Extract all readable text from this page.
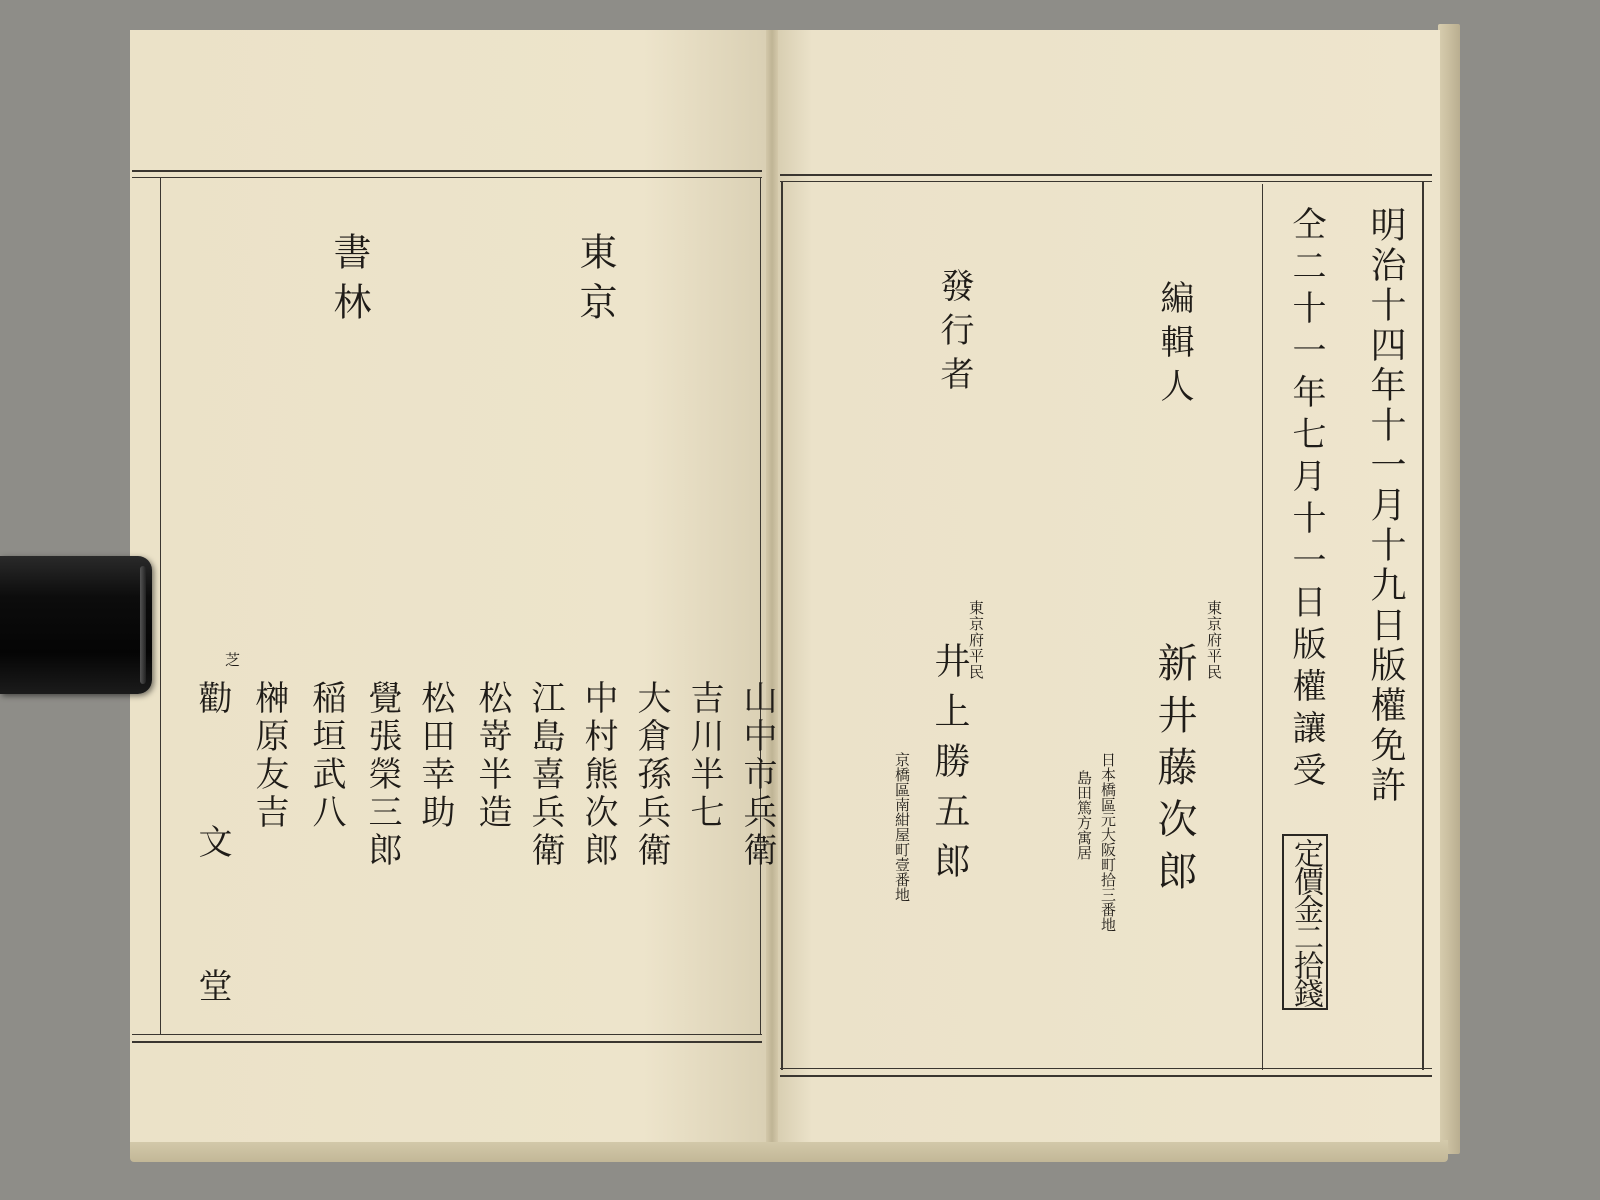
東京
書林
山中市兵衛
吉川半七
大倉孫兵衛
中村熊次郎
江島喜兵衛
松嵜半造
松田幸助
覺張榮三郎
稲垣武八
榊原友吉
芝
勸文堂
明治十四年十一月十九日版權免許
仝二十一年七月十一日版權讓受
定價金二拾錢
編輯人
東京府平民
新井藤次郎
日本橋區元大阪町拾三番地
島田篤方寓居
發行者
東京府平民
井上勝五郎
京橋區南紺屋町壹番地
